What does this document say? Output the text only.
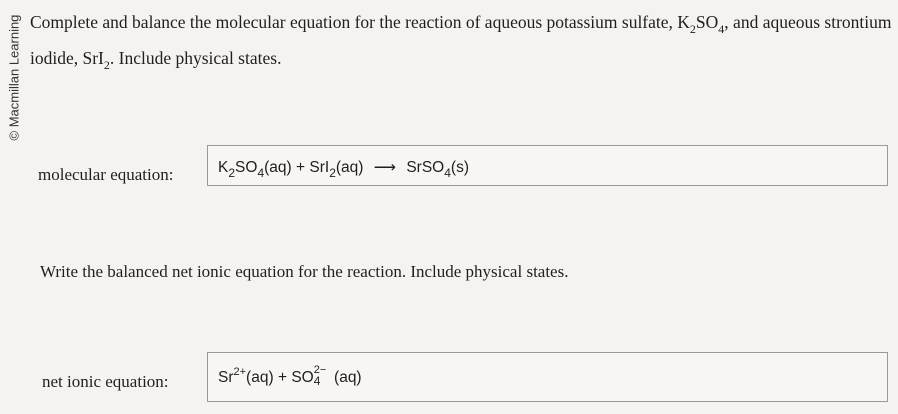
© Macmillan Learning Complete and balance the molecular equation for the reaction of aqueous potassium sulfate, $K_2SO_4$, and aqueous strontium
iodide, SrI$_2$. Include physical states.
molecular equation:	$K_2SO_4(aq) + SrI_2(aq)$ ⟶ SrSO$_4$(s)
Write the balanced net ionic equation for the reaction. Include physical states.
net ionic equation:	$Sr^{2+}(aq)$ + SO 2−
4 (aq)
